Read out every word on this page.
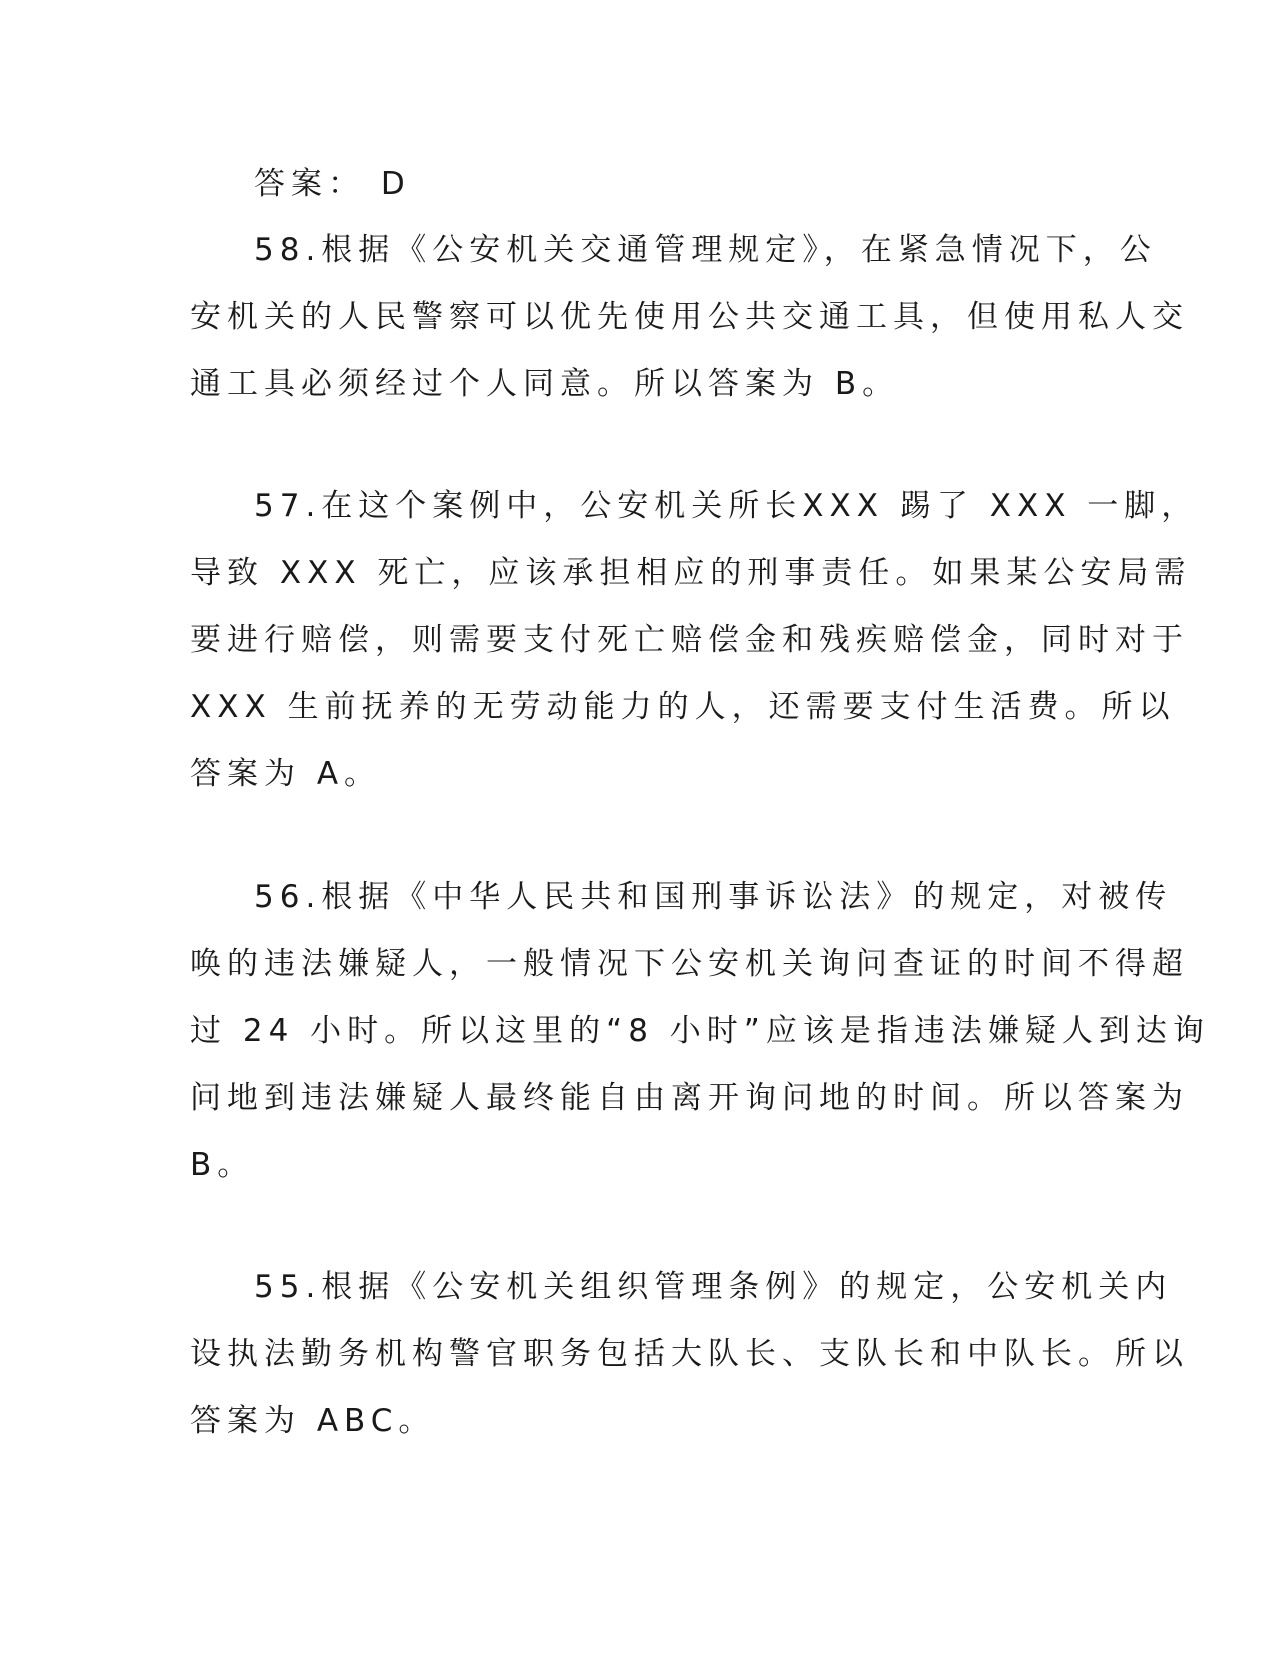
答案： D
58.根据《公安机关交通管理规定》，在紧急情况下，公
安机关的人民警察可以优先使用公共交通工具，但使用私人交
通工具必须经过个人同意。所以答案为 B。
57.在这个案例中，公安机关所长XXX 踢了 XXX 一脚，
导致 XXX 死亡，应该承担相应的刑事责任。如果某公安局需
要进行赔偿，则需要支付死亡赔偿金和残疾赔偿金，同时对于
XXX 生前抚养的无劳动能力的人，还需要支付生活费。所以
答案为 A。
56.根据《中华人民共和国刑事诉讼法》的规定，对被传
唤的违法嫌疑人，一般情况下公安机关询问查证的时间不得超
过 24 小时。所以这里的“8 小时”应该是指违法嫌疑人到达询
问地到违法嫌疑人最终能自由离开询问地的时间。所以答案为
B。
55.根据《公安机关组织管理条例》的规定，公安机关内
设执法勤务机构警官职务包括大队长、支队长和中队长。所以
答案为 ABC。
